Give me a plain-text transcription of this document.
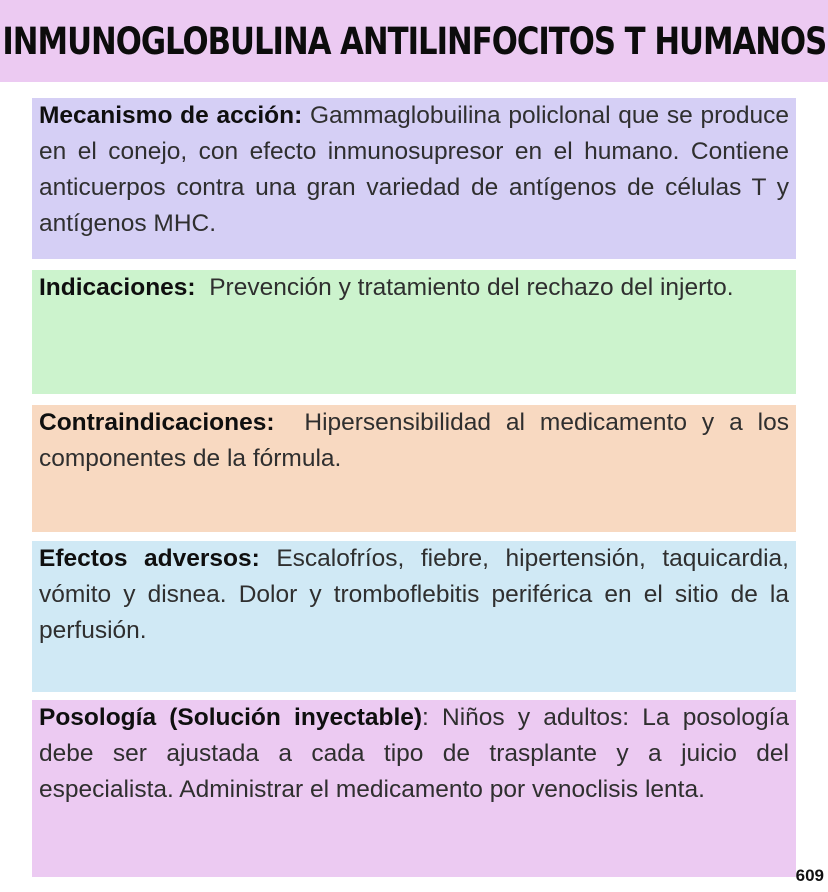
INMUNOGLOBULINA ANTILINFOCITOS T HUMANOS

Mecanismo de acción: Gammaglobuilina policlonal que se produce en el conejo, con efecto inmunosupresor en el humano. Contiene anticuerpos contra una gran variedad de antígenos de células T y antígenos MHC.

Indicaciones: Prevención y tratamiento del rechazo del injerto.

Contraindicaciones: Hipersensibilidad al medicamento y a los componentes de la fórmula.

Efectos adversos: Escalofríos, fiebre, hipertensión, taquicardia, vómito y disnea. Dolor y tromboflebitis periférica en el sitio de la perfusión.

Posología (Solución inyectable): Niños y adultos: La posología debe ser ajustada a cada tipo de trasplante y a juicio del especialista. Administrar el medicamento por venoclisis lenta.

609
